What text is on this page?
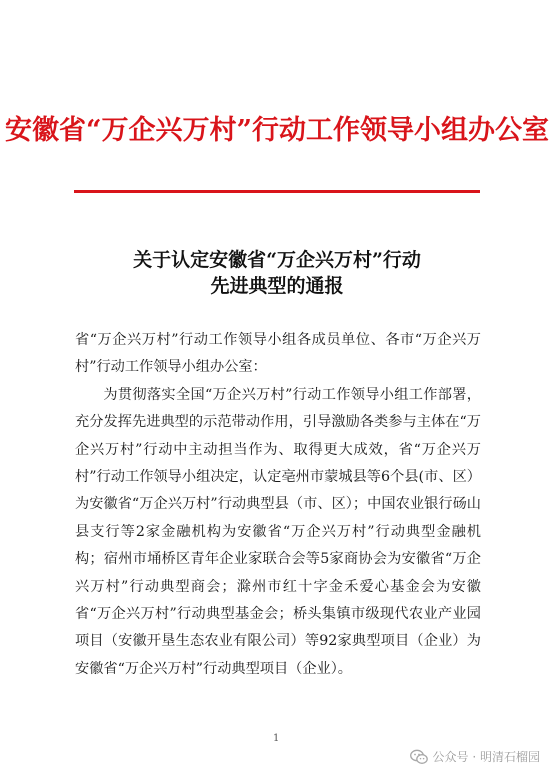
安徽省“万企兴万村”行动工作领导小组办公室
关于认定安徽省“万企兴万村”行动
先进典型的通报

省“万企兴万村”行动工作领导小组各成员单位、各市“万企兴万村”行动工作领导小组办公室：

为贯彻落实全国“万企兴万村”行动工作领导小组工作部署，充分发挥先进典型的示范带动作用，引导激励各类参与主体在“万企兴万村”行动中主动担当作为、取得更大成效，省“万企兴万村”行动工作领导小组决定，认定亳州市蒙城县等6个县(市、区）为安徽省“万企兴万村”行动典型县（市、区）；中国农业银行砀山县支行等2家金融机构为安徽省“万企兴万村”行动典型金融机构；宿州市埇桥区青年企业家联合会等5家商协会为安徽省“万企兴万村”行动典型商会；滁州市红十字金禾爱心基金会为安徽省“万企兴万村”行动典型基金会；桥头集镇市级现代农业产业园项目（安徽开垦生态农业有限公司）等92家典型项目（企业）为安徽省“万企兴万村”行动典型项目（企业）。

1
公众号 · 明清石榴园
